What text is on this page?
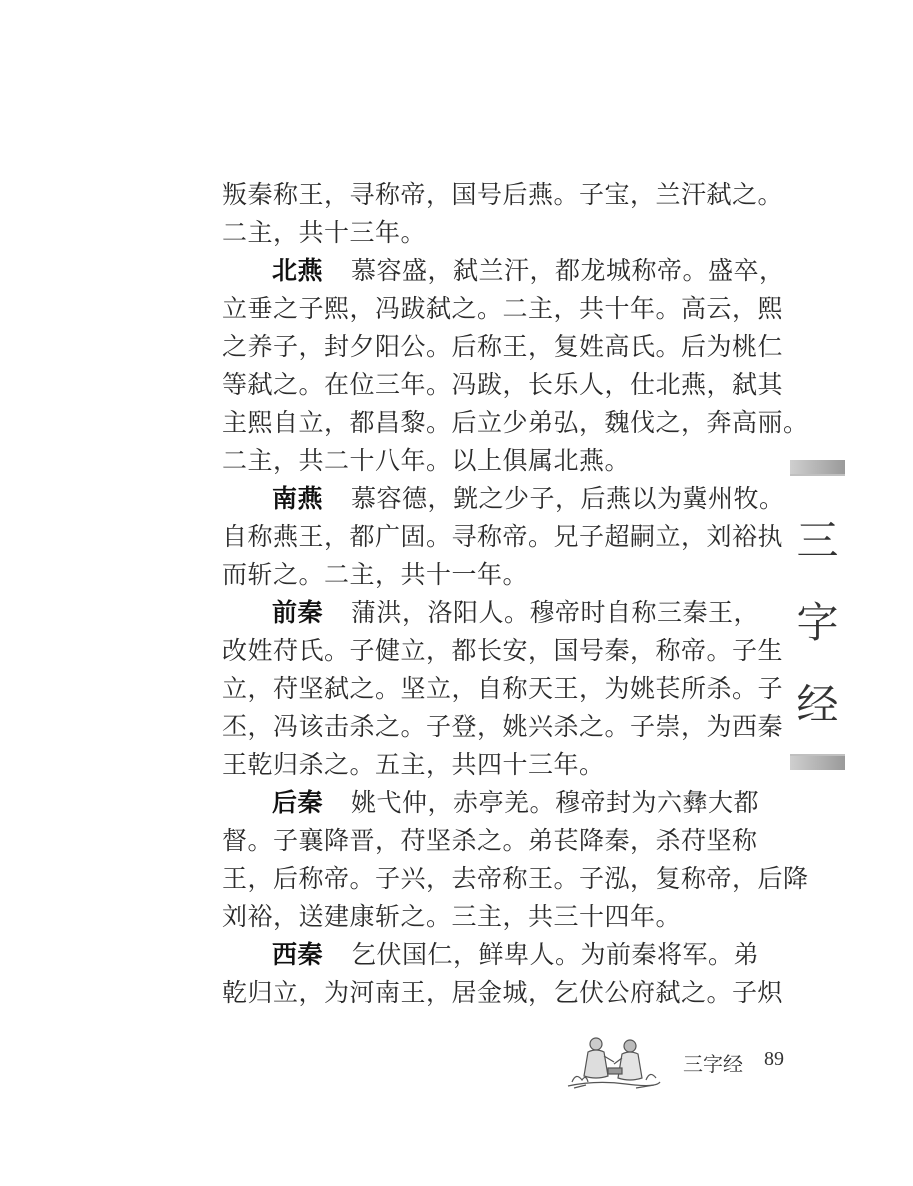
叛秦称王，寻称帝，国号后燕。子宝，兰汗弑之。
二主，共十三年。
北燕 慕容盛，弑兰汗，都龙城称帝。盛卒，
立垂之子熙，冯跋弑之。二主，共十年。高云，熙
之养子，封夕阳公。后称王，复姓高氏。后为桃仁
等弑之。在位三年。冯跋，长乐人，仕北燕，弑其
主熙自立，都昌黎。后立少弟弘，魏伐之，奔高丽。
二主，共二十八年。以上俱属北燕。
南燕 慕容德，皝之少子，后燕以为冀州牧。
自称燕王，都广固。寻称帝。兄子超嗣立，刘裕执
而斩之。二主，共十一年。
前秦 蒲洪，洛阳人。穆帝时自称三秦王，
改姓苻氏。子健立，都长安，国号秦，称帝。子生
立，苻坚弑之。坚立，自称天王，为姚苌所杀。子
丕，冯该击杀之。子登，姚兴杀之。子崇，为西秦
王乾归杀之。五主，共四十三年。
后秦 姚弋仲，赤亭羌。穆帝封为六彝大都
督。子襄降晋，苻坚杀之。弟苌降秦，杀苻坚称
王，后称帝。子兴，去帝称王。子泓，复称帝，后降
刘裕，送建康斩之。三主，共三十四年。
西秦 乞伏国仁，鲜卑人。为前秦将军。弟
乾归立，为河南王，居金城，乞伏公府弑之。子炽
三
字
经
三字经 89
